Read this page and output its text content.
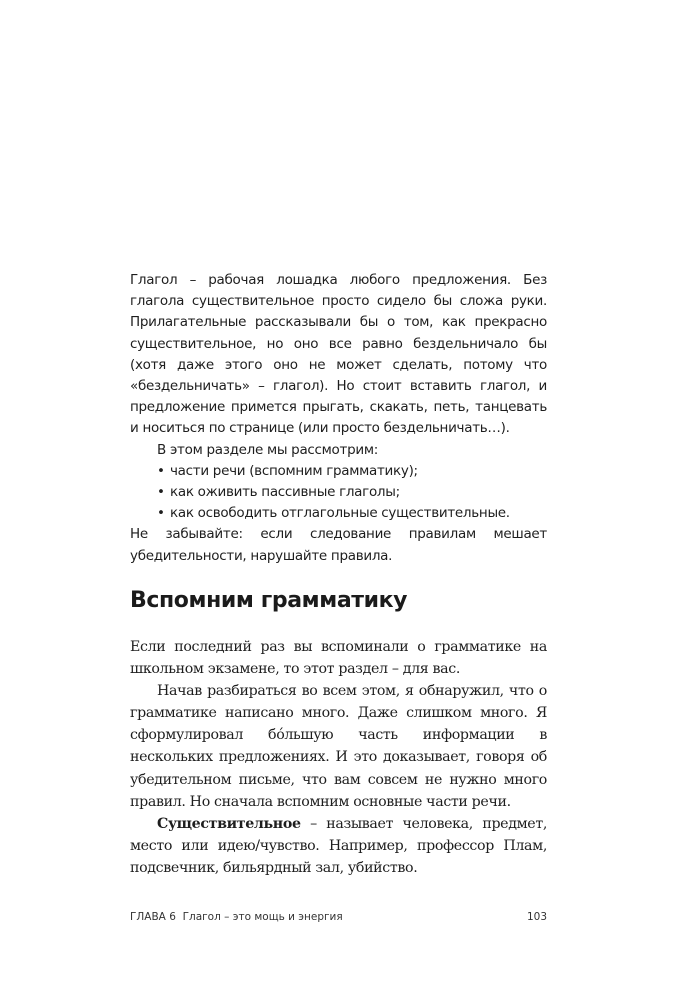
Глагол – рабочая лошадка любого предложения. Без глагола существительное просто сидело бы сложа руки. Прилагательные рассказывали бы о том, как прекрасно существительное, но оно все равно бездельничало бы (хотя даже этого оно не может сделать, потому что «бездельничать» – глагол). Но стоит вставить глагол, и предложение примется прыгать, скакать, петь, танцевать и носиться по странице (или просто бездельничать…).

В этом разделе мы рассмотрим:

• части речи (вспомним грамматику);
• как оживить пассивные глаголы;
• как освободить отглагольные существительные.

Не забывайте: если следование правилам мешает убедительности, нарушайте правила.

Вспомним грамматику

Если последний раз вы вспоминали о грамматике на школьном экзамене, то этот раздел – для вас.

Начав разбираться во всем этом, я обнаружил, что о грамматике написано много. Даже слишком много. Я сформулировал бóльшую часть информации в нескольких предложениях. И это доказывает, говоря об убедительном письме, что вам совсем не нужно много правил. Но сначала вспомним основные части речи.

Существительное – называет человека, предмет, место или идею/чувство. Например, профессор Плам, подсвечник, бильярдный зал, убийство.

ГЛАВА 6 Глагол – это мощь и энергия	103
